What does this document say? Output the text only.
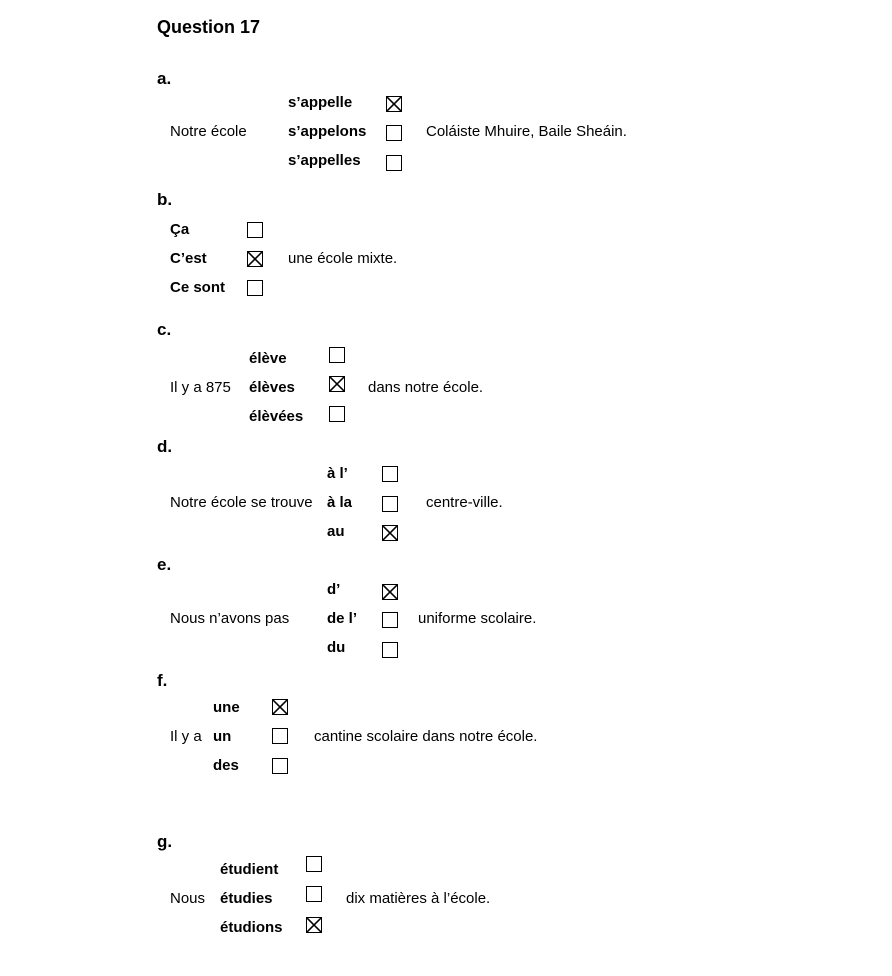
Question 17
a.
Notre école
s’appelle
s’appelons
s’appelles
Coláiste Mhuire, Baile Sheáin.
b.
Ça
C’est
Ce sont
une école mixte.
c.
Il y a 875
élève
élèves
élèvées
dans notre école.
d.
Notre école se trouve
à l’
à la
au
centre-ville.
e.
Nous n’avons pas
d’
de l’
du
uniforme scolaire.
f.
Il y a
une
un
des
cantine scolaire dans notre école.
g.
Nous
étudient
étudies
étudions
dix matières à l’école.
